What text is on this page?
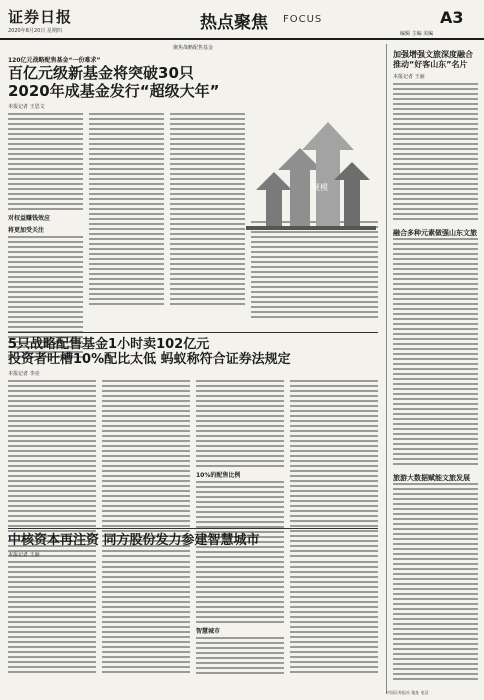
证券日报
2020年8月20日 星期四	热点聚焦 FOCUS	A3
编辑 主编 美编
聚焦战略配售基金
120亿元战略配售基金“一份难求”
百亿元级新基金将突破30只
2020年成基金发行“超级大年”
本报记者 王思文
对权益赚钱效应
将更加受关注
规模
5只战略配售基金1小时卖102亿元
投资者吐槽10%配比太低 蚂蚁称符合证券法规定
本报记者 李亮
10%的配售比例
中核资本再注资 同方股份发力参建智慧城市
本报记者 王丽
智慧城市
加强增强文旅深度融合 推动“好客山东”名片
本报记者 王丽
融合多种元素做强山东文旅
旅游大数据赋能文旅发展
中国证券报社 地址 电话
